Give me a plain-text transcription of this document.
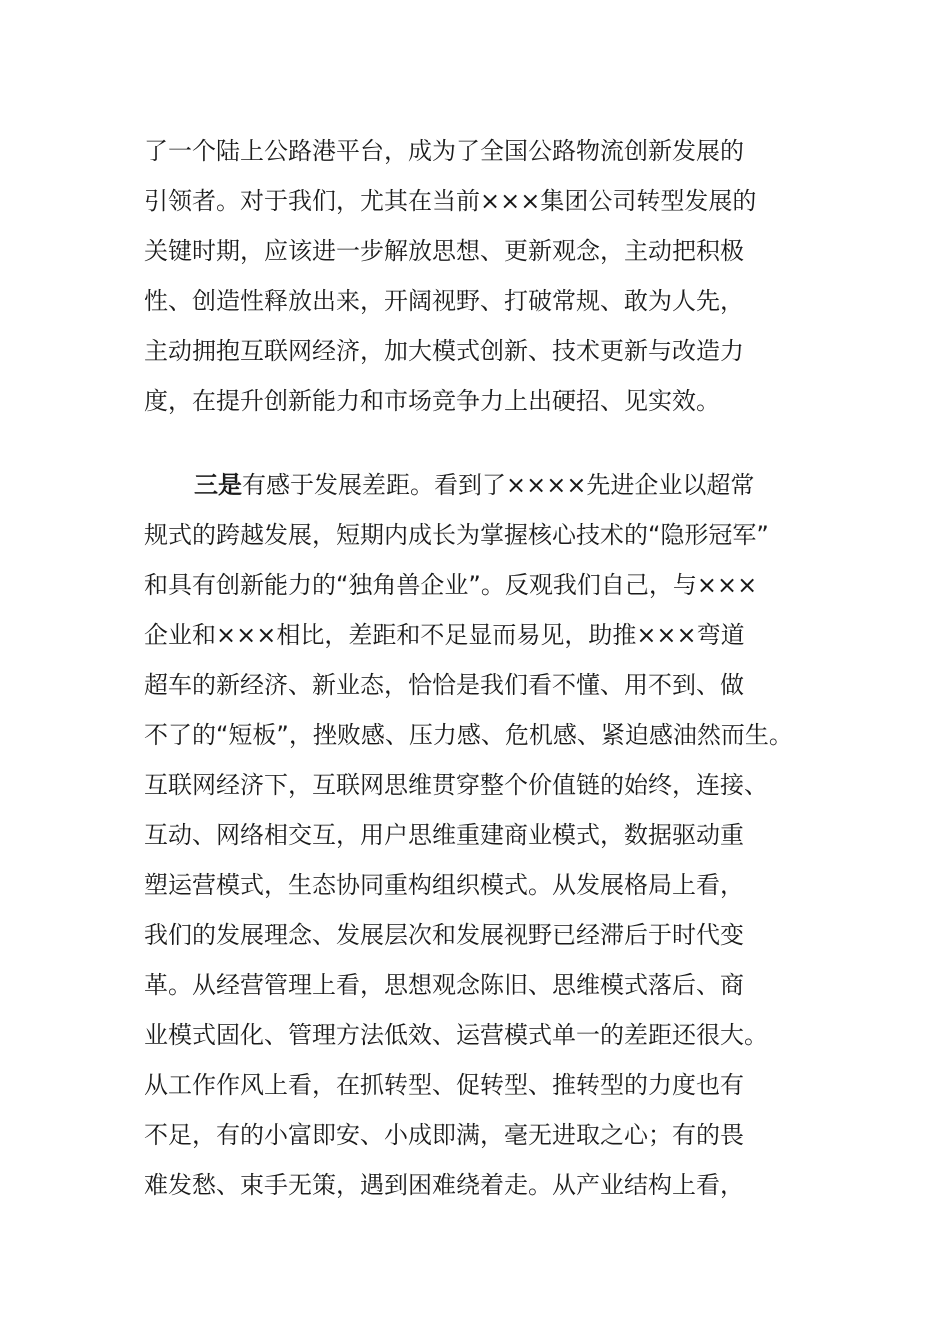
了一个陆上公路港平台，成为了全国公路物流创新发展的
引领者。对于我们，尤其在当前×××集团公司转型发展的
关键时期，应该进一步解放思想、更新观念，主动把积极
性、创造性释放出来，开阔视野、打破常规、敢为人先，
主动拥抱互联网经济，加大模式创新、技术更新与改造力
度，在提升创新能力和市场竞争力上出硬招、见实效。
三是有感于发展差距。看到了××××先进企业以超常
规式的跨越发展，短期内成长为掌握核心技术的“隐形冠军”
和具有创新能力的“独角兽企业”。反观我们自己，与×××
企业和×××相比，差距和不足显而易见，助推×××弯道
超车的新经济、新业态，恰恰是我们看不懂、用不到、做
不了的“短板”，挫败感、压力感、危机感、紧迫感油然而生。
互联网经济下，互联网思维贯穿整个价值链的始终，连接、
互动、网络相交互，用户思维重建商业模式，数据驱动重
塑运营模式，生态协同重构组织模式。从发展格局上看，
我们的发展理念、发展层次和发展视野已经滞后于时代变
革。从经营管理上看，思想观念陈旧、思维模式落后、商
业模式固化、管理方法低效、运营模式单一的差距还很大。
从工作作风上看，在抓转型、促转型、推转型的力度也有
不足，有的小富即安、小成即满，毫无进取之心；有的畏
难发愁、束手无策，遇到困难绕着走。从产业结构上看，
